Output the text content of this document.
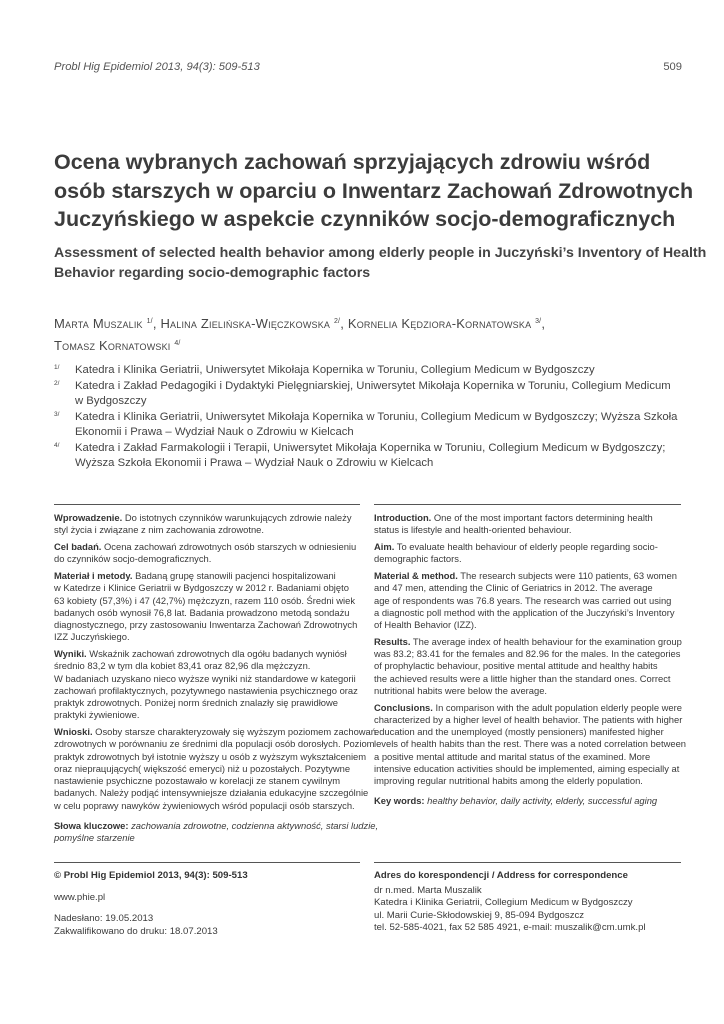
Probl Hig Epidemiol 2013, 94(3): 509-513	509
Ocena wybranych zachowań sprzyjających zdrowiu wśród
osób starszych w oparciu o Inwentarz Zachowań Zdrowotnych
Juczyńskiego w aspekcie czynników socjo-demograficznych
Assessment of selected health behavior among elderly people in Juczyński’s Inventory of Health
Behavior regarding socio-demographic factors
Marta Muszalik $^{1/}$, Halina Zielińska-Więczkowska $^{2/}$, Kornelia Kędziora-Kornatowska $^{3/}$,
Tomasz Kornatowski $^{4/}$
1/ Katedra i Klinika Geriatrii, Uniwersytet Mikołaja Kopernika w Toruniu, Collegium Medicum w Bydgoszczy
2/ Katedra i Zakład Pedagogiki i Dydaktyki Pielęgniarskiej, Uniwersytet Mikołaja Kopernika w Toruniu, Collegium Medicum
w Bydgoszczy
3/ Katedra i Klinika Geriatrii, Uniwersytet Mikołaja Kopernika w Toruniu, Collegium Medicum w Bydgoszczy; Wyższa Szkoła
Ekonomii i Prawa – Wydział Nauk o Zdrowiu w Kielcach
4/ Katedra i Zakład Farmakologii i Terapii, Uniwersytet Mikołaja Kopernika w Toruniu, Collegium Medicum w Bydgoszczy;
Wyższa Szkoła Ekonomii i Prawa – Wydział Nauk o Zdrowiu w Kielcach

Wprowadzenie. Do istotnych czynników warunkujących zdrowie należy
styl życia i związane z nim zachowania zdrowotne.

Cel badań. Ocena zachowań zdrowotnych osób starszych w odniesieniu
do czynników socjo-demograficznych.

Materiał i metody. Badaną grupę stanowili pacjenci hospitalizowani
w Katedrze i Klinice Geriatrii w Bydgoszczy w 2012 r. Badaniami objęto
63 kobiety (57,3%) i 47 (42,7%) mężczyzn, razem 110 osób. Średni wiek
badanych osób wynosił 76,8 lat. Badania prowadzono metodą sondażu
diagnostycznego, przy zastosowaniu Inwentarza Zachowań Zdrowotnych
IZZ Juczyńskiego.

Wyniki. Wskaźnik zachowań zdrowotnych dla ogółu badanych wyniósł
średnio 83,2 w tym dla kobiet 83,41 oraz 82,96 dla mężczyzn.
W badaniach uzyskano nieco wyższe wyniki niż standardowe w kategorii
zachowań profilaktycznych, pozytywnego nastawienia psychicznego oraz
praktyk zdrowotnych. Poniżej norm średnich znalazły się prawidłowe
praktyki żywieniowe.

Wnioski. Osoby starsze charakteryzowały się wyższym poziomem zachowań
zdrowotnych w porównaniu ze średnimi dla populacji osób dorosłych. Poziom
praktyk zdrowotnych był istotnie wyższy u osób z wyższym wykształceniem
oraz nieprацujących( większość emeryci) niż u pozostałych. Pozytywne
nastawienie psychiczne pozostawało w korelacji ze stanem cywilnym
badanych. Należy podjąć intensywniejsze działania edukacyjne szczególnie
w celu poprawy nawyków żywieniowych wśród populacji osób starszych.

Słowa kluczowe: zachowania zdrowotne, codzienna aktywność, starsi ludzie,
pomyślne starzenie

Introduction. One of the most important factors determining health
status is lifestyle and health-oriented behaviour.

Aim. To evaluate health behaviour of elderly people regarding socio-
demographic factors.

Material & method. The research subjects were 110 patients, 63 women
and 47 men, attending the Clinic of Geriatrics in 2012. The average
age of respondents was 76.8 years. The research was carried out using
a diagnostic poll method with the application of the Juczyński’s Inventory
of Health Behavior (IZZ).

Results. The average index of health behaviour for the examination group
was 83.2; 83.41 for the females and 82.96 for the males. In the categories
of prophylactic behaviour, positive mental attitude and healthy habits
the achieved results were a little higher than the standard ones. Correct
nutritional habits were below the average.

Conclusions. In comparison with the adult population elderly people were
characterized by a higher level of health behavior. The patients with higher
education and the unemployed (mostly pensioners) manifested higher
levels of health habits than the rest. There was a noted correlation between
a positive mental attitude and marital status of the examined. More
intensive education activities should be implemented, aiming especially at
improving regular nutritional habits among the elderly population.

Key words: healthy behavior, daily activity, elderly, successful aging

© Probl Hig Epidemiol 2013, 94(3): 509-513
www.phie.pl
Nadesłano: 19.05.2013
Zakwalifikowano do druku: 18.07.2013
Adres do korespondencji / Address for correspondence
dr n.med. Marta Muszalik
Katedra i Klinika Geriatrii, Collegium Medicum w Bydgoszczy
ul. Marii Curie-Skłodowskiej 9, 85-094 Bydgoszcz
tel. 52-585-4021, fax 52 585 4921, e-mail: muszalik@cm.umk.pl
